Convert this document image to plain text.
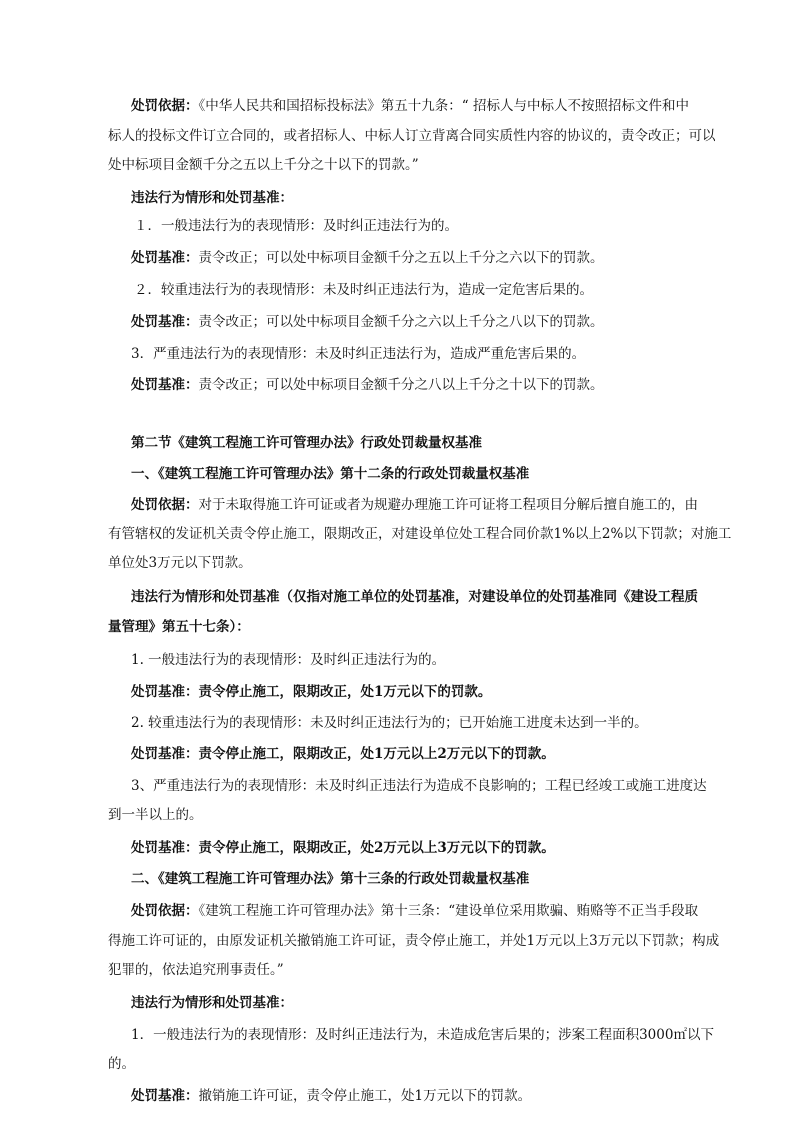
处罚依据：《中华人民共和国招标投标法》第五十九条：“ 招标人与中标人不按照招标文件和中
标人的投标文件订立合同的，或者招标人、中标人订立背离合同实质性内容的协议的，责令改正；可以
处中标项目金额千分之五以上千分之十以下的罚款。”
违法行为情形和处罚基准：
１．一般违法行为的表现情形：及时纠正违法行为的。
处罚基准：责令改正；可以处中标项目金额千分之五以上千分之六以下的罚款。
２．较重违法行为的表现情形：未及时纠正违法行为，造成一定危害后果的。
处罚基准：责令改正；可以处中标项目金额千分之六以上千分之八以下的罚款。
3．严重违法行为的表现情形：未及时纠正违法行为，造成严重危害后果的。
处罚基准：责令改正；可以处中标项目金额千分之八以上千分之十以下的罚款。
第二节《建筑工程施工许可管理办法》行政处罚裁量权基准
一、《建筑工程施工许可管理办法》第十二条的行政处罚裁量权基准
处罚依据：对于未取得施工许可证或者为规避办理施工许可证将工程项目分解后擅自施工的，由
有管辖权的发证机关责令停止施工，限期改正，对建设单位处工程合同价款1%以上2%以下罚款；对施工
单位处3万元以下罚款。
违法行为情形和处罚基准（仅指对施工单位的处罚基准，对建设单位的处罚基准同《建设工程质
量管理》第五十七条）：
1. 一般违法行为的表现情形：及时纠正违法行为的。
处罚基准：责令停止施工，限期改正，处1万元以下的罚款。
2. 较重违法行为的表现情形：未及时纠正违法行为的；已开始施工进度未达到一半的。
处罚基准：责令停止施工，限期改正，处1万元以上2万元以下的罚款。
3、严重违法行为的表现情形：未及时纠正违法行为造成不良影响的；工程已经竣工或施工进度达
到一半以上的。
处罚基准：责令停止施工，限期改正，处2万元以上3万元以下的罚款。
二、《建筑工程施工许可管理办法》第十三条的行政处罚裁量权基准
处罚依据：《建筑工程施工许可管理办法》第十三条：“建设单位采用欺骗、贿赂等不正当手段取
得施工许可证的，由原发证机关撤销施工许可证，责令停止施工，并处1万元以上3万元以下罚款；构成
犯罪的，依法追究刑事责任。”
违法行为情形和处罚基准：
1．一般违法行为的表现情形：及时纠正违法行为，未造成危害后果的；涉案工程面积3000㎡以下
的。
处罚基准：撤销施工许可证，责令停止施工，处1万元以下的罚款。
